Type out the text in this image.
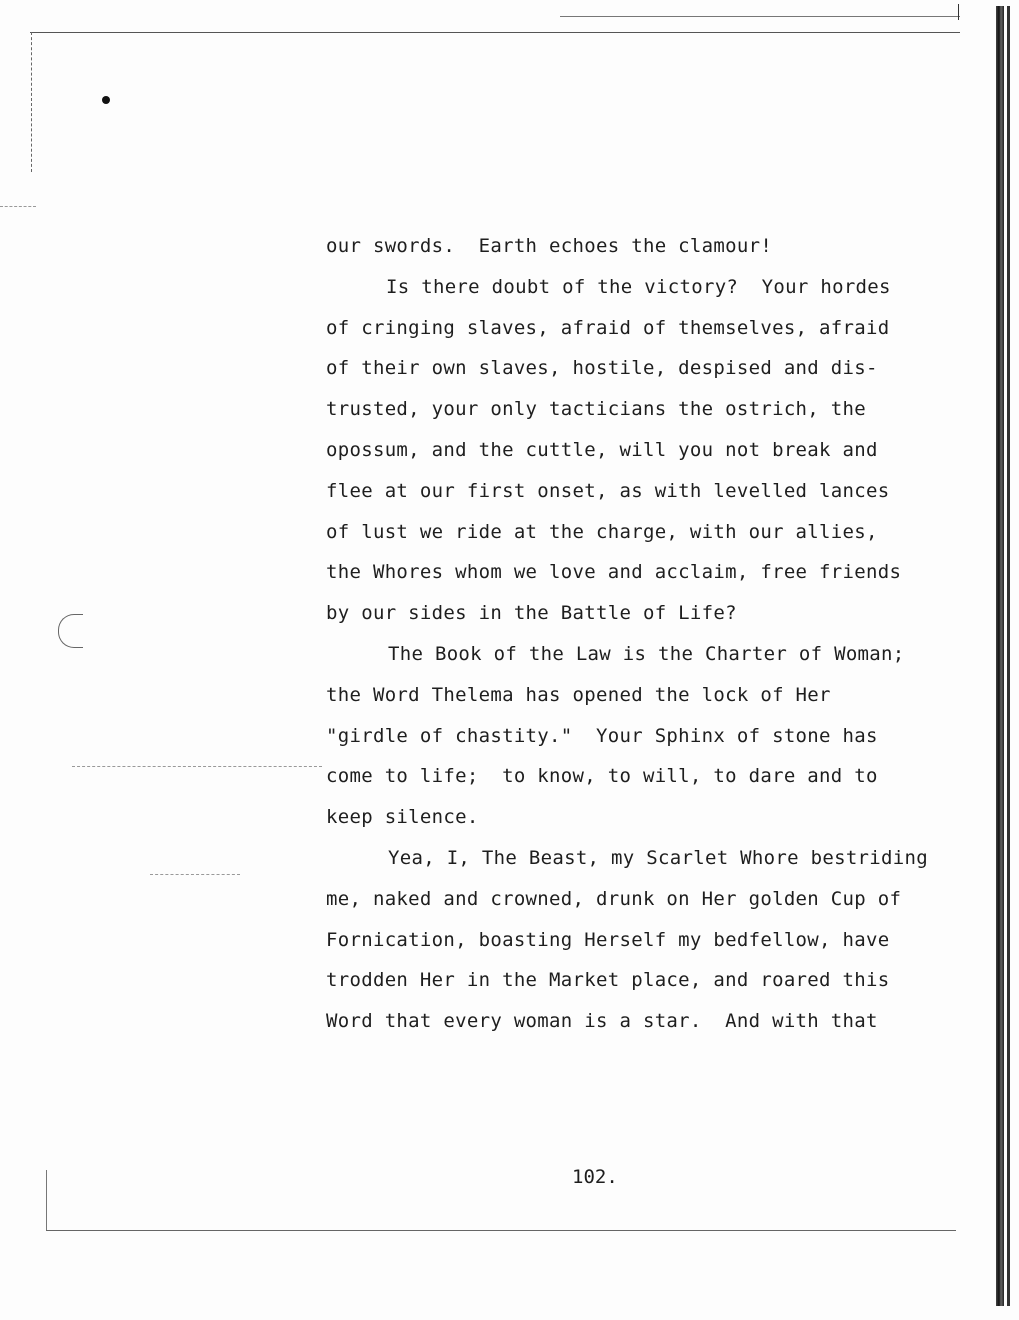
our swords.  Earth echoes the clamour!
Is there doubt of the victory?  Your hordes
of cringing slaves, afraid of themselves, afraid
of their own slaves, hostile, despised and dis-
trusted, your only tacticians the ostrich, the
opossum, and the cuttle, will you not break and
flee at our first onset, as with levelled lances
of lust we ride at the charge, with our allies,
the Whores whom we love and acclaim, free friends
by our sides in the Battle of Life?
The Book of the Law is the Charter of Woman;
the Word Thelema has opened the lock of Her
"girdle of chastity."  Your Sphinx of stone has
come to life;  to know, to will, to dare and to
keep silence.
Yea, I, The Beast, my Scarlet Whore bestriding
me, naked and crowned, drunk on Her golden Cup of
Fornication, boasting Herself my bedfellow, have
trodden Her in the Market place, and roared this
Word that every woman is a star.  And with that
102.
